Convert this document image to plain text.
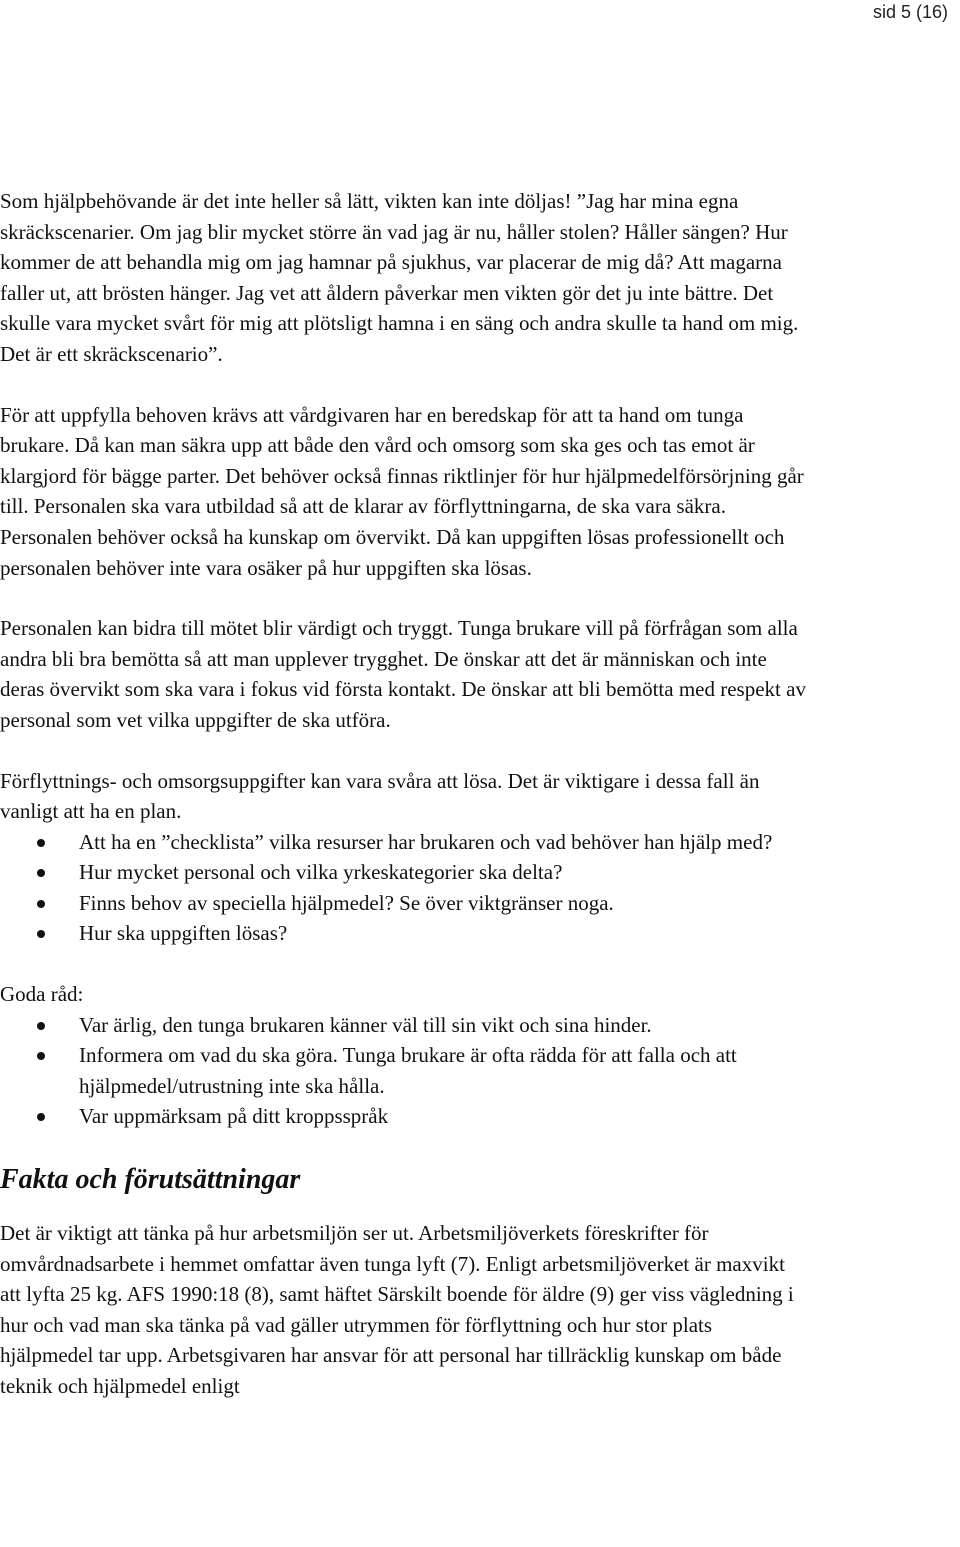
sid 5 (16)

Som hjälpbehövande är det inte heller så lätt, vikten kan inte döljas! ”Jag har mina egna skräckscenarier. Om jag blir mycket större än vad jag är nu, håller stolen? Håller sängen? Hur kommer de att behandla mig om jag hamnar på sjukhus, var placerar de mig då? Att magarna faller ut, att brösten hänger. Jag vet att åldern påverkar men vikten gör det ju inte bättre. Det skulle vara mycket svårt för mig att plötsligt hamna i en säng och andra skulle ta hand om mig. Det är ett skräckscenario”.

För att uppfylla behoven krävs att vårdgivaren har en beredskap för att ta hand om tunga brukare. Då kan man säkra upp att både den vård och omsorg som ska ges och tas emot är klargjord för bägge parter. Det behöver också finnas riktlinjer för hur hjälpmedelförsörjning går till. Personalen ska vara utbildad så att de klarar av förflyttningarna, de ska vara säkra. Personalen behöver också ha kunskap om övervikt. Då kan uppgiften lösas professionellt och personalen behöver inte vara osäker på hur uppgiften ska lösas.

Personalen kan bidra till mötet blir värdigt och tryggt. Tunga brukare vill på förfrågan som alla andra bli bra bemötta så att man upplever trygghet. De önskar att det är människan och inte deras övervikt som ska vara i fokus vid första kontakt. De önskar att bli bemötta med respekt av personal som vet vilka uppgifter de ska utföra.

Förflyttnings- och omsorgsuppgifter kan vara svåra att lösa. Det är viktigare i dessa fall än vanligt att ha en plan.

Att ha en ”checklista” vilka resurser har brukaren och vad behöver han hjälp med?
Hur mycket personal och vilka yrkeskategorier ska delta?
Finns behov av speciella hjälpmedel? Se över viktgränser noga.
Hur ska uppgiften lösas?

Goda råd:

Var ärlig, den tunga brukaren känner väl till sin vikt och sina hinder.
Informera om vad du ska göra. Tunga brukare är ofta rädda för att falla och att hjälpmedel/utrustning inte ska hålla.
Var uppmärksam på ditt kroppsspråk
Fakta och förutsättningar

Det är viktigt att tänka på hur arbetsmiljön ser ut. Arbetsmiljöverkets föreskrifter för omvårdnadsarbete i hemmet omfattar även tunga lyft (7). Enligt arbetsmiljöverket är maxvikt att lyfta 25 kg. AFS 1990:18 (8), samt häftet Särskilt boende för äldre (9) ger viss vägledning i hur och vad man ska tänka på vad gäller utrymmen för förflyttning och hur stor plats hjälpmedel tar upp. Arbetsgivaren har ansvar för att personal har tillräcklig kunskap om både teknik och hjälpmedel enligt
